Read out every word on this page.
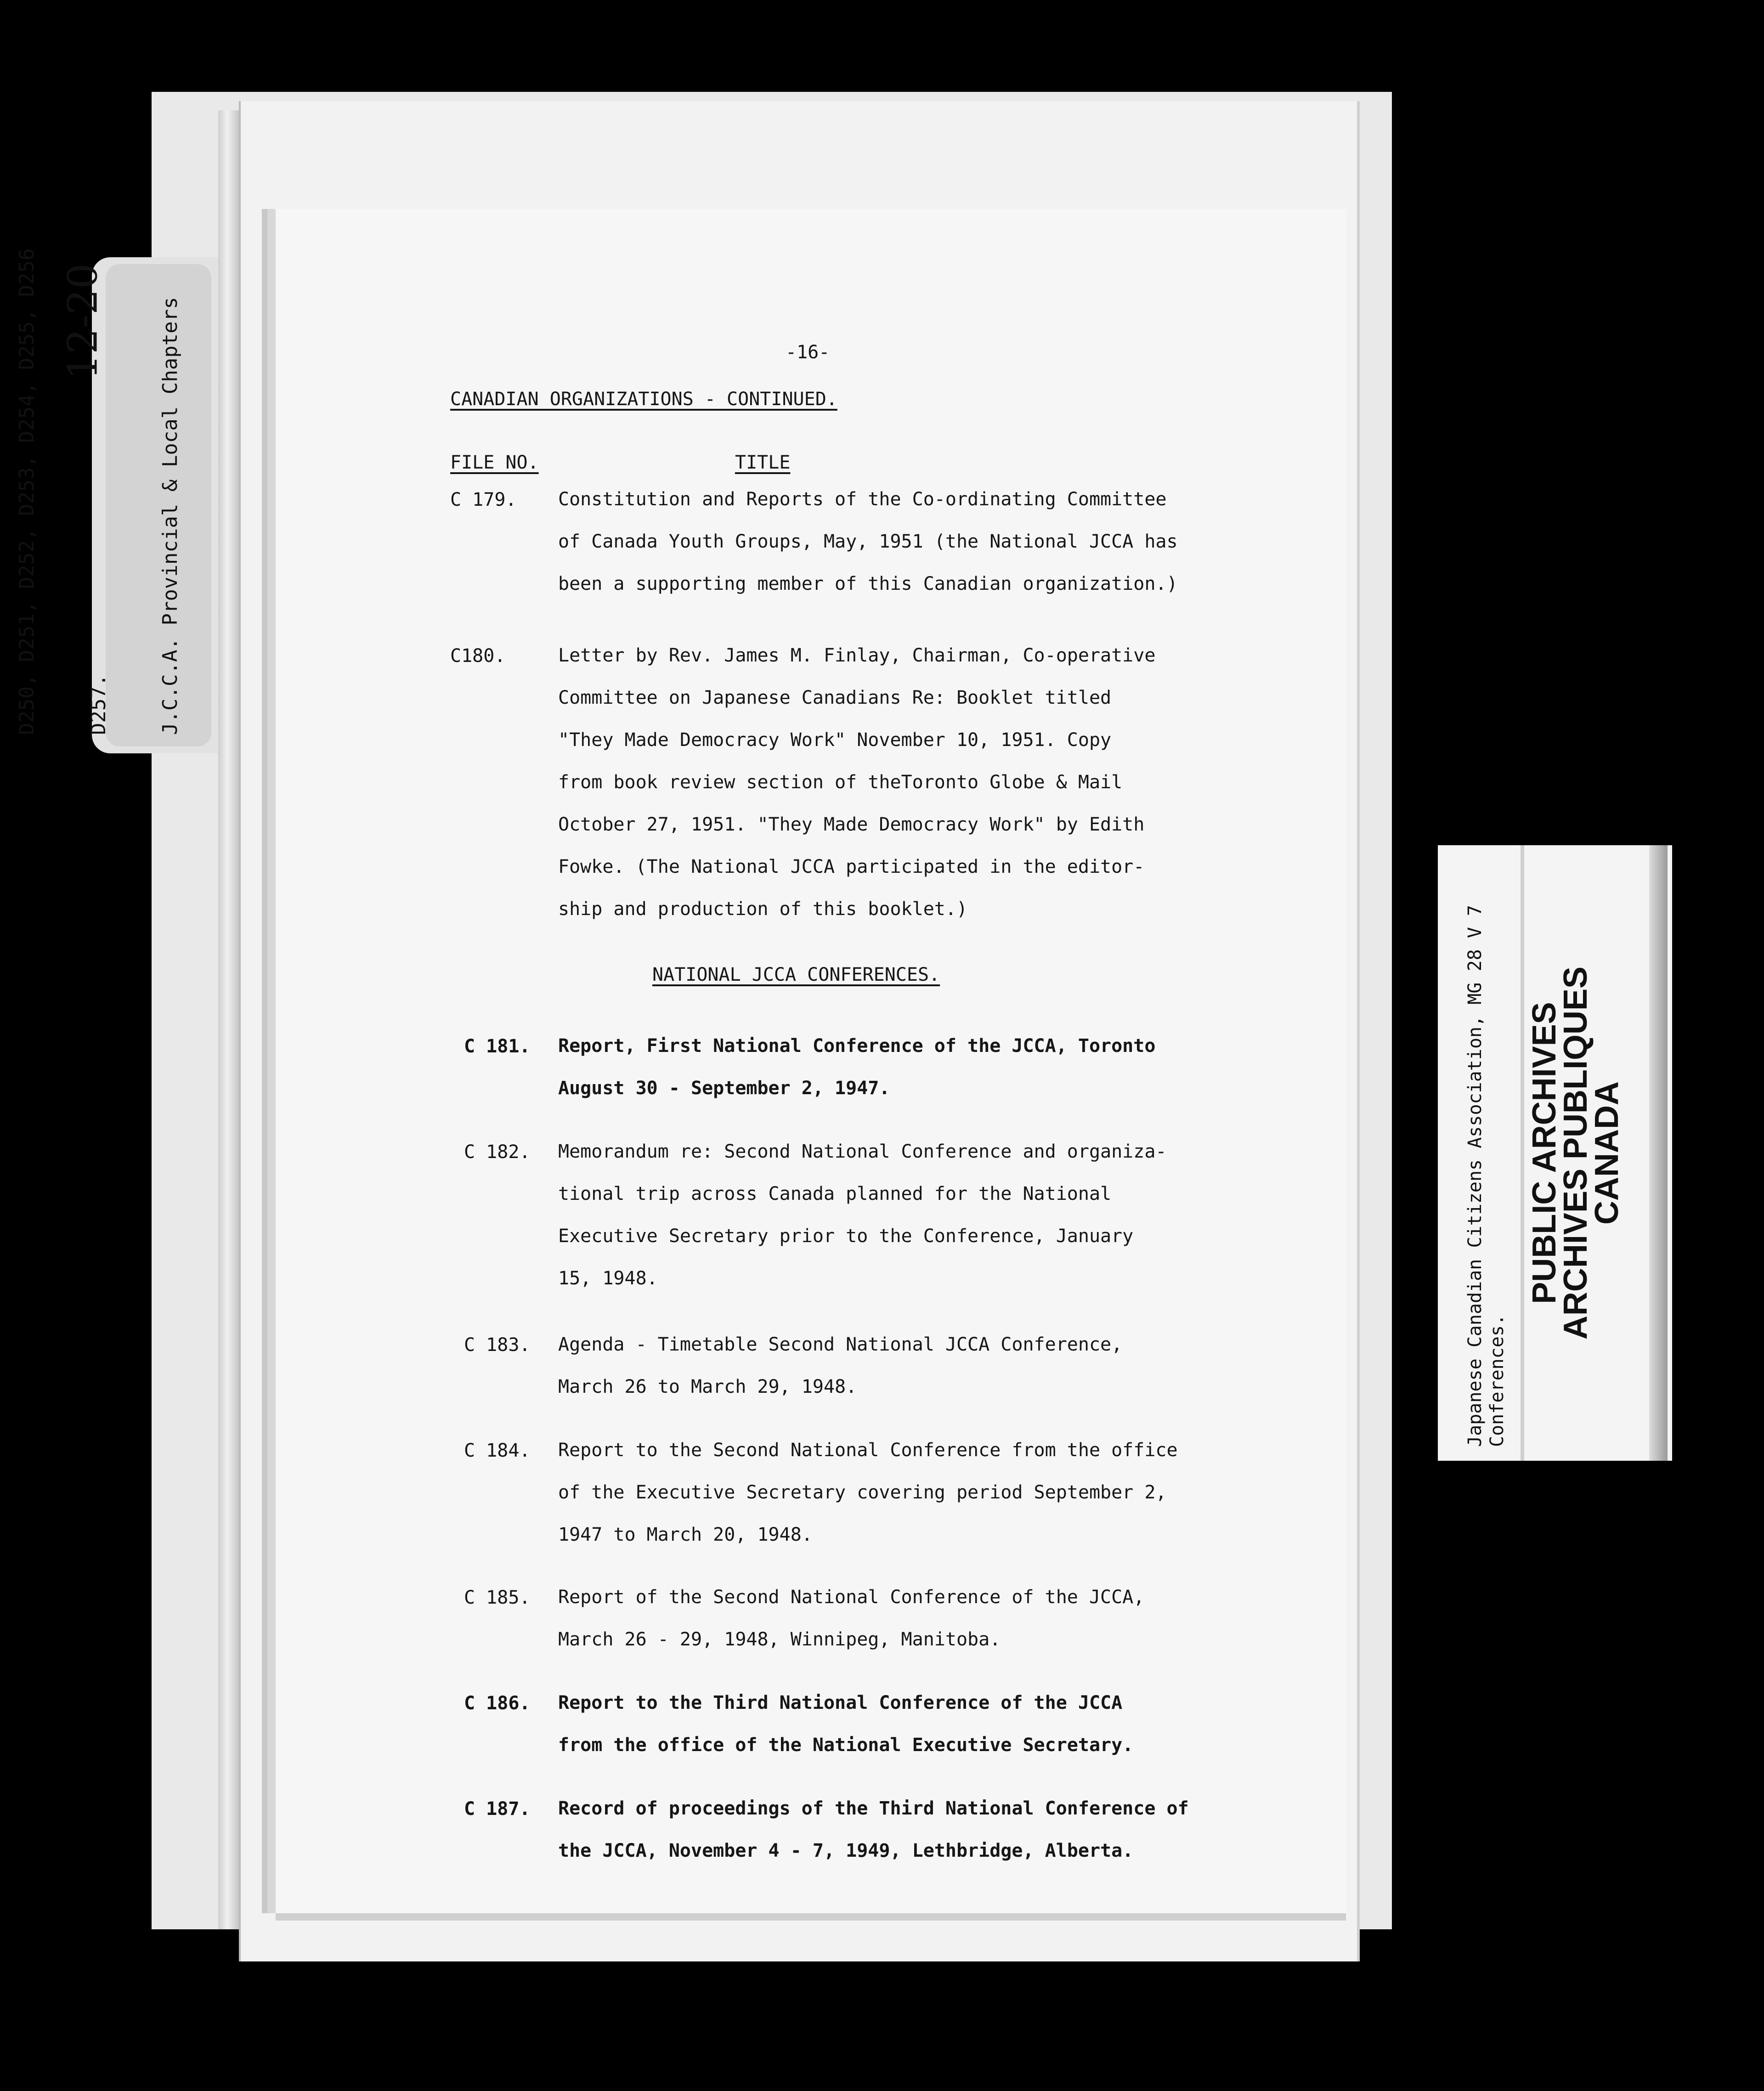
12-20

D250, D251, D252, D253, D254, D255, D256

D257.

J.C.C.A. Provincial & Local Chapters

	-16-
CANADIAN ORGANIZATIONS - CONTINUED.
FILE NO.	TITLE
C 179. Constitution and Reports of the Co-ordinating Committee
of Canada Youth Groups, May, 1951 (the National JCCA has
been a supporting member of this Canadian organization.)
C180.	Letter by Rev. James M. Finlay, Chairman, Co-operative
Committee on Japanese Canadians Re: Booklet titled
"They Made Democracy Work" November 10, 1951. Copy
from book review section of theToronto Globe & Mail
October 27, 1951. "They Made Democracy Work" by Edith
Fowke. (The National JCCA participated in the editor-
ship and production of this booklet.)
NATIONAL JCCA CONFERENCES.
C 181. Report, First National Conference of the JCCA, Toronto
August 30 - September 2, 1947.
C 182. Memorandum re: Second National Conference and organiza-
tional trip across Canada planned for the National
Executive Secretary prior to the Conference, January
15, 1948.
C 183. Agenda - Timetable Second National JCCA Conference,
March 26 to March 29, 1948.
C 184. Report to the Second National Conference from the office
of the Executive Secretary covering period September 2,
1947 to March 20, 1948.
C 185. Report of the Second National Conference of the JCCA,
March 26 - 29, 1948, Winnipeg, Manitoba.
C 186. Report to the Third National Conference of the JCCA
from the office of the National Executive Secretary.
C 187. Record of proceedings of the Third National Conference of
the JCCA, November 4 - 7, 1949, Lethbridge, Alberta.
Japanese Canadian Citizens Association, MG 28 V 7 Conferences.
PUBLIC ARCHIVES
ARCHIVES PUBLIQUES
CANADA
